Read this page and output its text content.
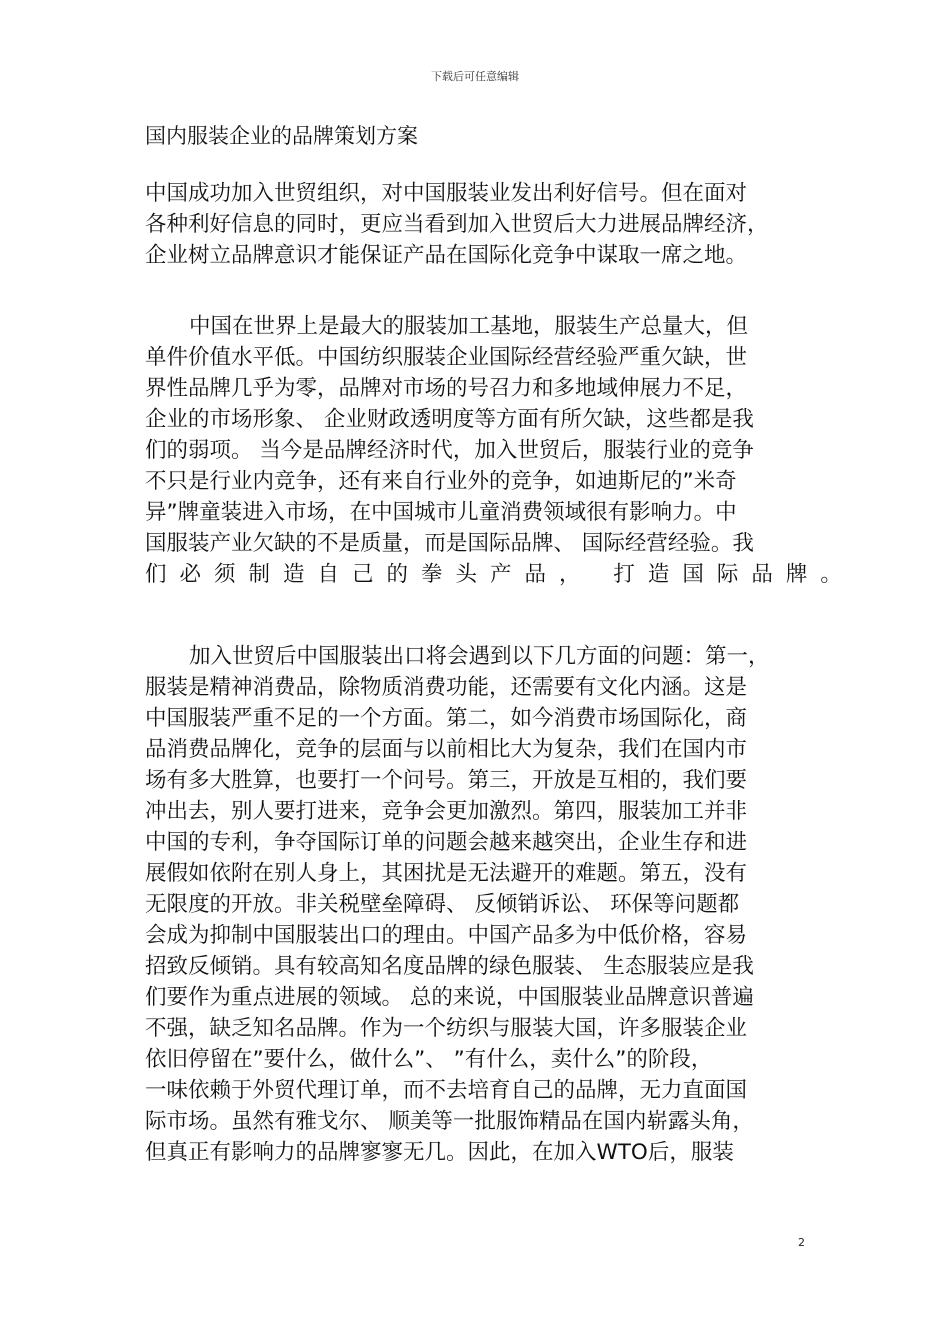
下载后可任意编辑
国内服装企业的品牌策划方案
中国成功加入世贸组织，对中国服装业发出利好信号。但在面对
各种利好信息的同时，更应当看到加入世贸后大力进展品牌经济，
企业树立品牌意识才能保证产品在国际化竞争中谋取一席之地。
中国在世界上是最大的服装加工基地，服装生产总量大，但
单件价值水平低。中国纺织服装企业国际经营经验严重欠缺，世
界性品牌几乎为零，品牌对市场的号召力和多地域伸展力不足，
企业的市场形象、 企业财政透明度等方面有所欠缺，这些都是我
们的弱项。 当今是品牌经济时代，加入世贸后，服装行业的竞争
不只是行业内竞争，还有来自行业外的竞争，如迪斯尼的”米奇
异”牌童装进入市场，在中国城市儿童消费领域很有影响力。中
国服装产业欠缺的不是质量，而是国际品牌、 国际经营经验。我
们必须制造自己的拳头产品， 打造国际品牌。
加入世贸后中国服装出口将会遇到以下几方面的问题：第一，
服装是精神消费品，除物质消费功能，还需要有文化内涵。这是
中国服装严重不足的一个方面。第二，如今消费市场国际化，商
品消费品牌化，竞争的层面与以前相比大为复杂，我们在国内市
场有多大胜算，也要打一个问号。第三，开放是互相的，我们要
冲出去，别人要打进来，竞争会更加激烈。第四，服装加工并非
中国的专利，争夺国际订单的问题会越来越突出，企业生存和进
展假如依附在别人身上，其困扰是无法避开的难题。第五，没有
无限度的开放。非关税壁垒障碍、 反倾销诉讼、 环保等问题都
会成为抑制中国服装出口的理由。中国产品多为中低价格，容易
招致反倾销。具有较高知名度品牌的绿色服装、 生态服装应是我
们要作为重点进展的领域。 总的来说，中国服装业品牌意识普遍
不强，缺乏知名品牌。作为一个纺织与服装大国，许多服装企业
依旧停留在”要什么，做什么”、 ”有什么，卖什么”的阶段，
一味依赖于外贸代理订单，而不去培育自己的品牌，无力直面国
际市场。虽然有雅戈尔、 顺美等一批服饰精品在国内崭露头角，
但真正有影响力的品牌寥寥无几。因此，在加入WTO后，服装
2
